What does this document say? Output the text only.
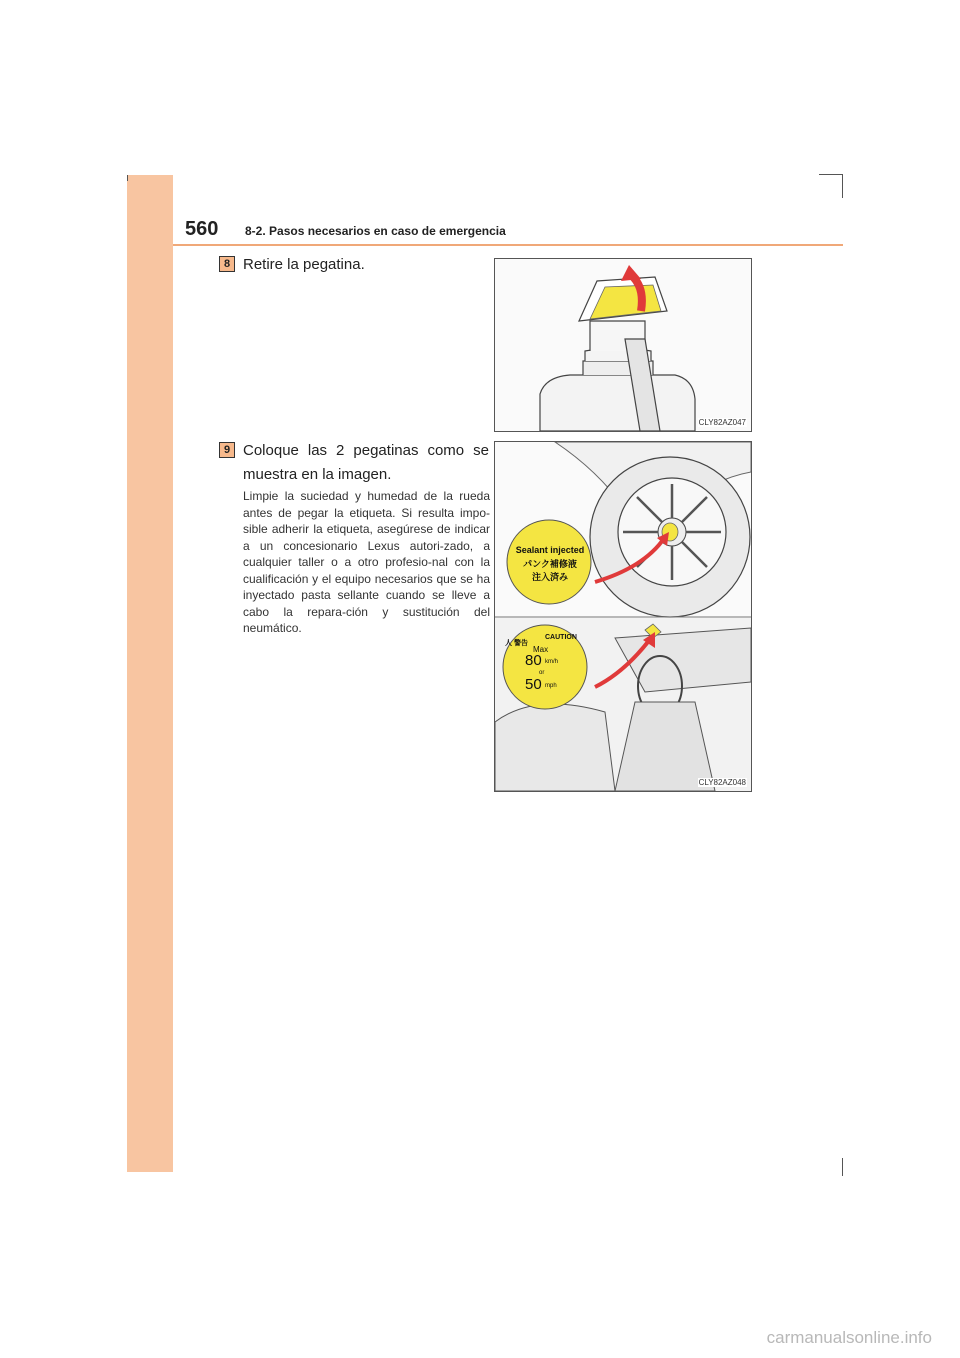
560 8-2. Pasos necesarios en caso de emergencia
8 Retire la pegatina.
CLY82AZ047
9 Coloque las 2 pegatinas como se muestra en la imagen.
Limpie la suciedad y humedad de la rueda antes de pegar la etiqueta. Si resulta impo-sible adherir la etiqueta, asegúrese de indicar a un concesionario Lexus autori-zado, a cualquier taller o a otro profesio-nal con la cualificación y el equipo necesarios que se ha inyectado pasta sellante cuando se lleve a cabo la repara-ción y sustitución del neumático.
Sealant injected
パンク補修液
注入済み
人 警告
CAUTION
Max
80 km/h
or
50 mph
CLY82AZ048
carmanualsonline.info
